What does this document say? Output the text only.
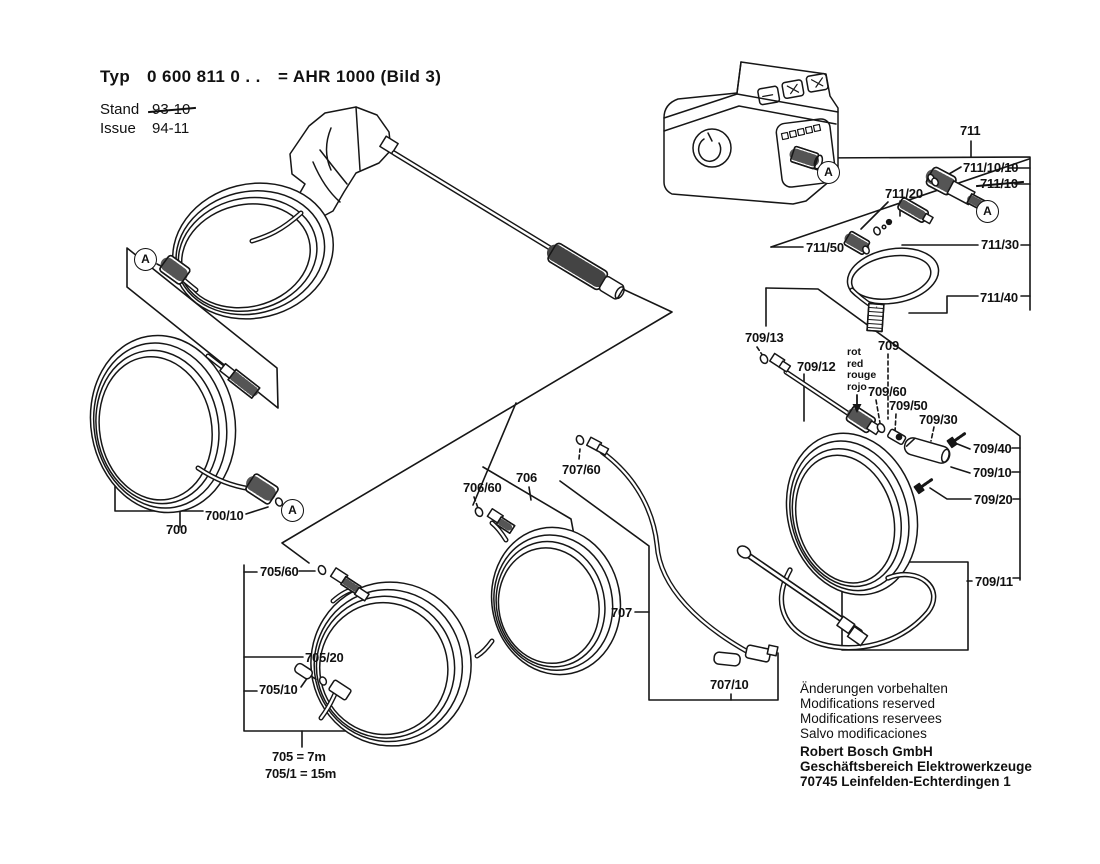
Typ 0 600 811 0 . . = AHR 1000 (Bild 3)
Stand 93-10
Issue 94-11
A
A
A
A
700
700/10
705/60
705/20
705/10
705 = 7m
705/1 = 15m
706
706/60
707
707/10
707/60
709
709/13
709/12
709/60
709/50
709/30
709/40
709/10
709/20
709/11
711
711/10/10
711/10
711/20
711/30
711/40
711/50
rot
red
rouge
rojo
Änderungen vorbehalten
Modifications reserved
Modifications reservees
Salvo modificaciones
Robert Bosch GmbH
Geschäftsbereich Elektrowerkzeuge
70745 Leinfelden-Echterdingen 1
